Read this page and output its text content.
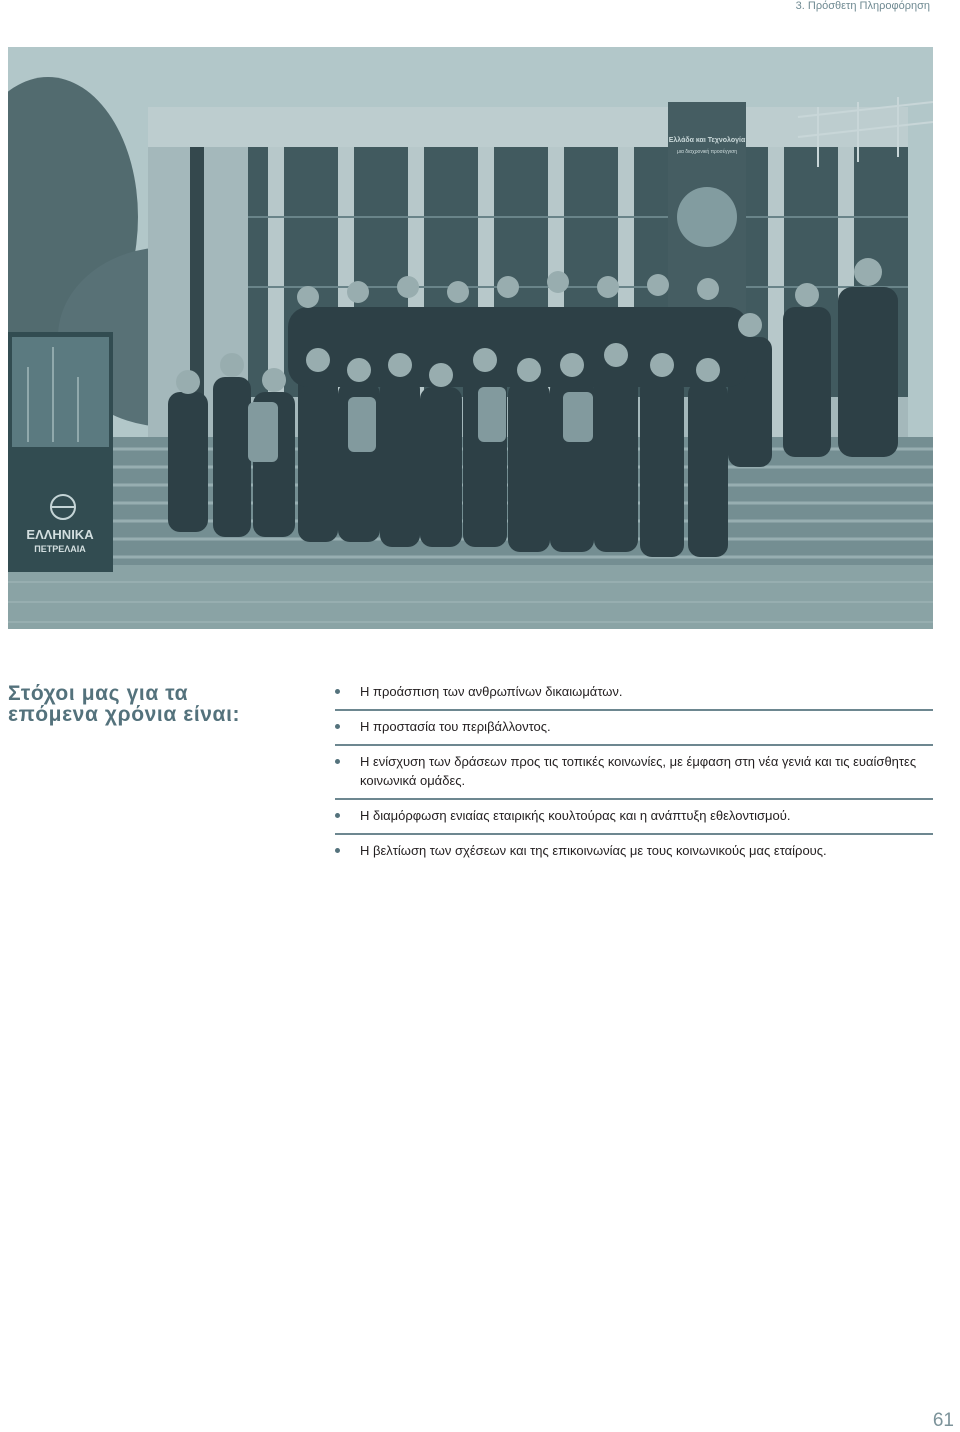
3. Πρόσθετη Πληροφόρηση
Ελλάδα και Τεχνολογία
μια διαχρονική προσέγγιση
ΕΛΛΗΝΙΚΑ
ΠΕΤΡΕΛΑΙΑ
Στόχοι μας για τα επόμενα χρόνια είναι:
Η προάσπιση των ανθρωπίνων δικαιωμάτων.
Η προστασία του περιβάλλοντος.
Η ενίσχυση των δράσεων προς τις τοπικές κοινωνίες, με έμφαση στη νέα γενιά και τις ευαίσθητες κοινωνικά ομάδες.
Η διαμόρφωση ενιαίας εταιρικής κουλτούρας και η ανάπτυξη εθελοντισμού.
Η βελτίωση των σχέσεων και της επικοινωνίας με τους κοινωνικούς μας εταίρους.
61
